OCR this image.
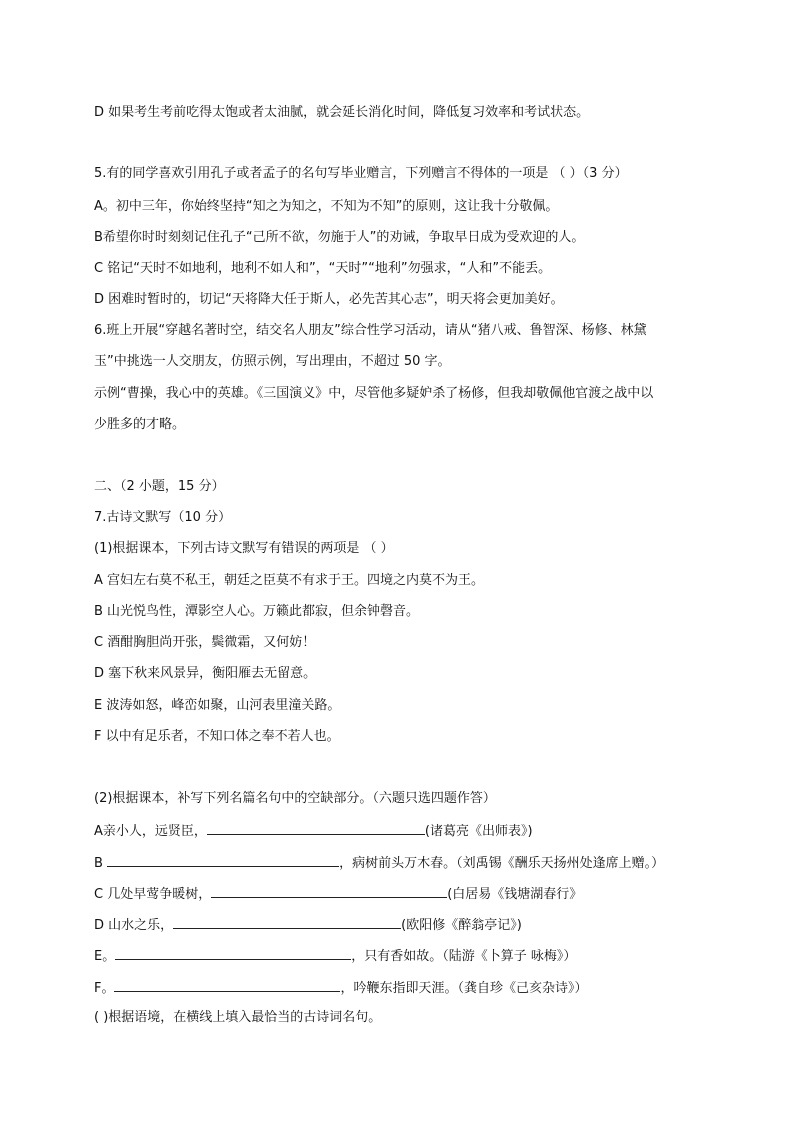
D 如果考生考前吃得太饱或者太油腻，就会延长消化时间，降低复习效率和考试状态。
5.有的同学喜欢引用孔子或者孟子的名句写毕业赠言，下列赠言不得体的一项是 （ ）（3 分）
A。初中三年，你始终坚持“知之为知之，不知为不知”的原则，这让我十分敬佩。
B希望你时时刻刻记住孔子“己所不欲，勿施于人”的劝诫，争取早日成为受欢迎的人。
C 铭记“天时不如地利，地利不如人和”，“天时”“地利”勿强求，“人和”不能丢。
D 困难时暂时的，切记“天将降大任于斯人，必先苦其心志”，明天将会更加美好。
6.班上开展“穿越名著时空，结交名人朋友”综合性学习活动，请从“猪八戒、鲁智深、杨修、林黛
玉”中挑选一人交朋友，仿照示例，写出理由，不超过 50 字。
示例“曹操，我心中的英雄。《三国演义》中，尽管他多疑妒杀了杨修，但我却敬佩他官渡之战中以
少胜多的才略。
二、（2 小题，15 分）
7.古诗文默写（10 分）
(1)根据课本，下列古诗文默写有错误的两项是 （ ）
A 宫妇左右莫不私王，朝廷之臣莫不有求于王。四境之内莫不为王。
B 山光悦鸟性，潭影空人心。万籁此都寂，但余钟磬音。
C 酒酣胸胆尚开张，鬓微霜，又何妨！
D 塞下秋来风景异，衡阳雁去无留意。
E 波涛如怒，峰峦如聚，山河表里潼关路。
F 以中有足乐者，不知口体之奉不若人也。
(2)根据课本，补写下列名篇名句中的空缺部分。（六题只选四题作答）
A亲小人，远贤臣，	(诸葛亮《出师表》)
B	，病树前头万木春。（刘禹锡《酬乐天扬州处逢席上赠。）
C 几处早莺争暖树，	(白居易《钱塘湖春行》
D 山水之乐，	(欧阳修《醉翁亭记》)
E。	，只有香如故。（陆游《卜算子 咏梅》）
F。	，吟鞭东指即天涯。（龚自珍《己亥杂诗》）
( )根据语境，在横线上填入最恰当的古诗词名句。
